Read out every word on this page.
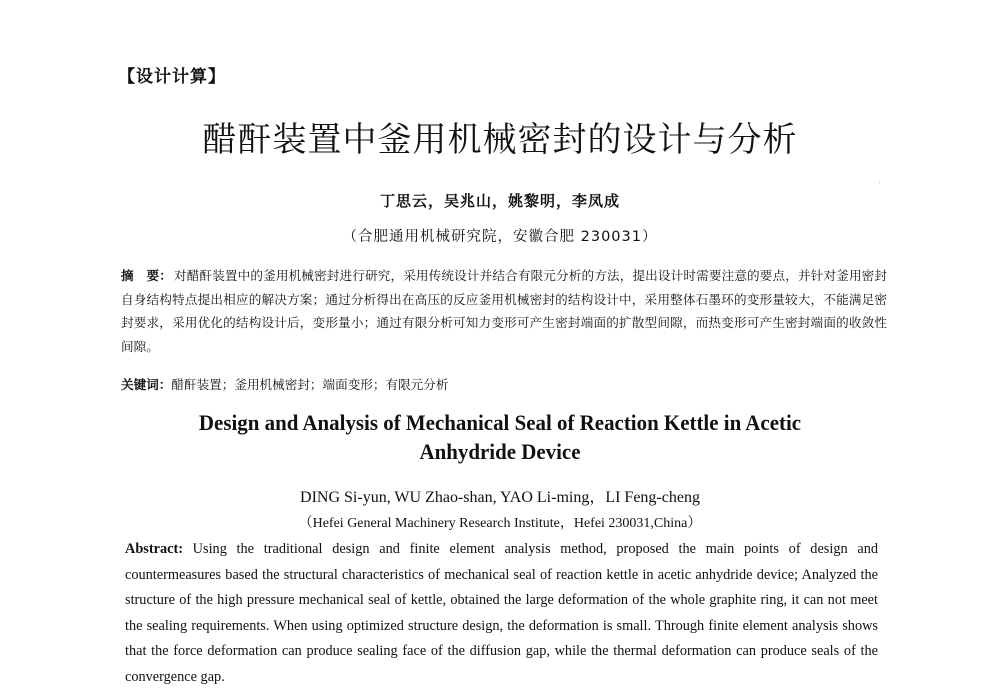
【设计计算】
醋酐装置中釜用机械密封的设计与分析
丁思云，吴兆山，姚黎明，李凤成
（合肥通用机械研究院，安徽合肥 230031）
摘　要： 对醋酐装置中的釜用机械密封进行研究，采用传统设计并结合有限元分析的方法，提出设计时需要注意的要点，并针对釜用密封自身结构特点提出相应的解决方案；通过分析得出在高压的反应釜用机械密封的结构设计中，采用整体石墨环的变形量较大，不能满足密封要求，采用优化的结构设计后，变形量小；通过有限分析可知力变形可产生密封端面的扩散型间隙，而热变形可产生密封端面的收敛性间隙。
关键词：醋酐装置；釜用机械密封；端面变形；有限元分析
Design and Analysis of Mechanical Seal of Reaction Kettle in Acetic Anhydride Device
DING Si-yun, WU Zhao-shan, YAO Li-ming，LI Feng-cheng
（Hefei General Machinery Research Institute，Hefei 230031,China）
Abstract: Using the traditional design and finite element analysis method, proposed the main points of design and countermeasures based the structural characteristics of mechanical seal of reaction kettle in acetic anhydride device; Analyzed the structure of the high pressure mechanical seal of kettle, obtained the large deformation of the whole graphite ring, it can not meet the sealing requirements. When using optimized structure design, the deformation is small. Through finite element analysis shows that the force deformation can produce sealing face of the diffusion gap, while the thermal deformation can produce seals of the convergence gap.
